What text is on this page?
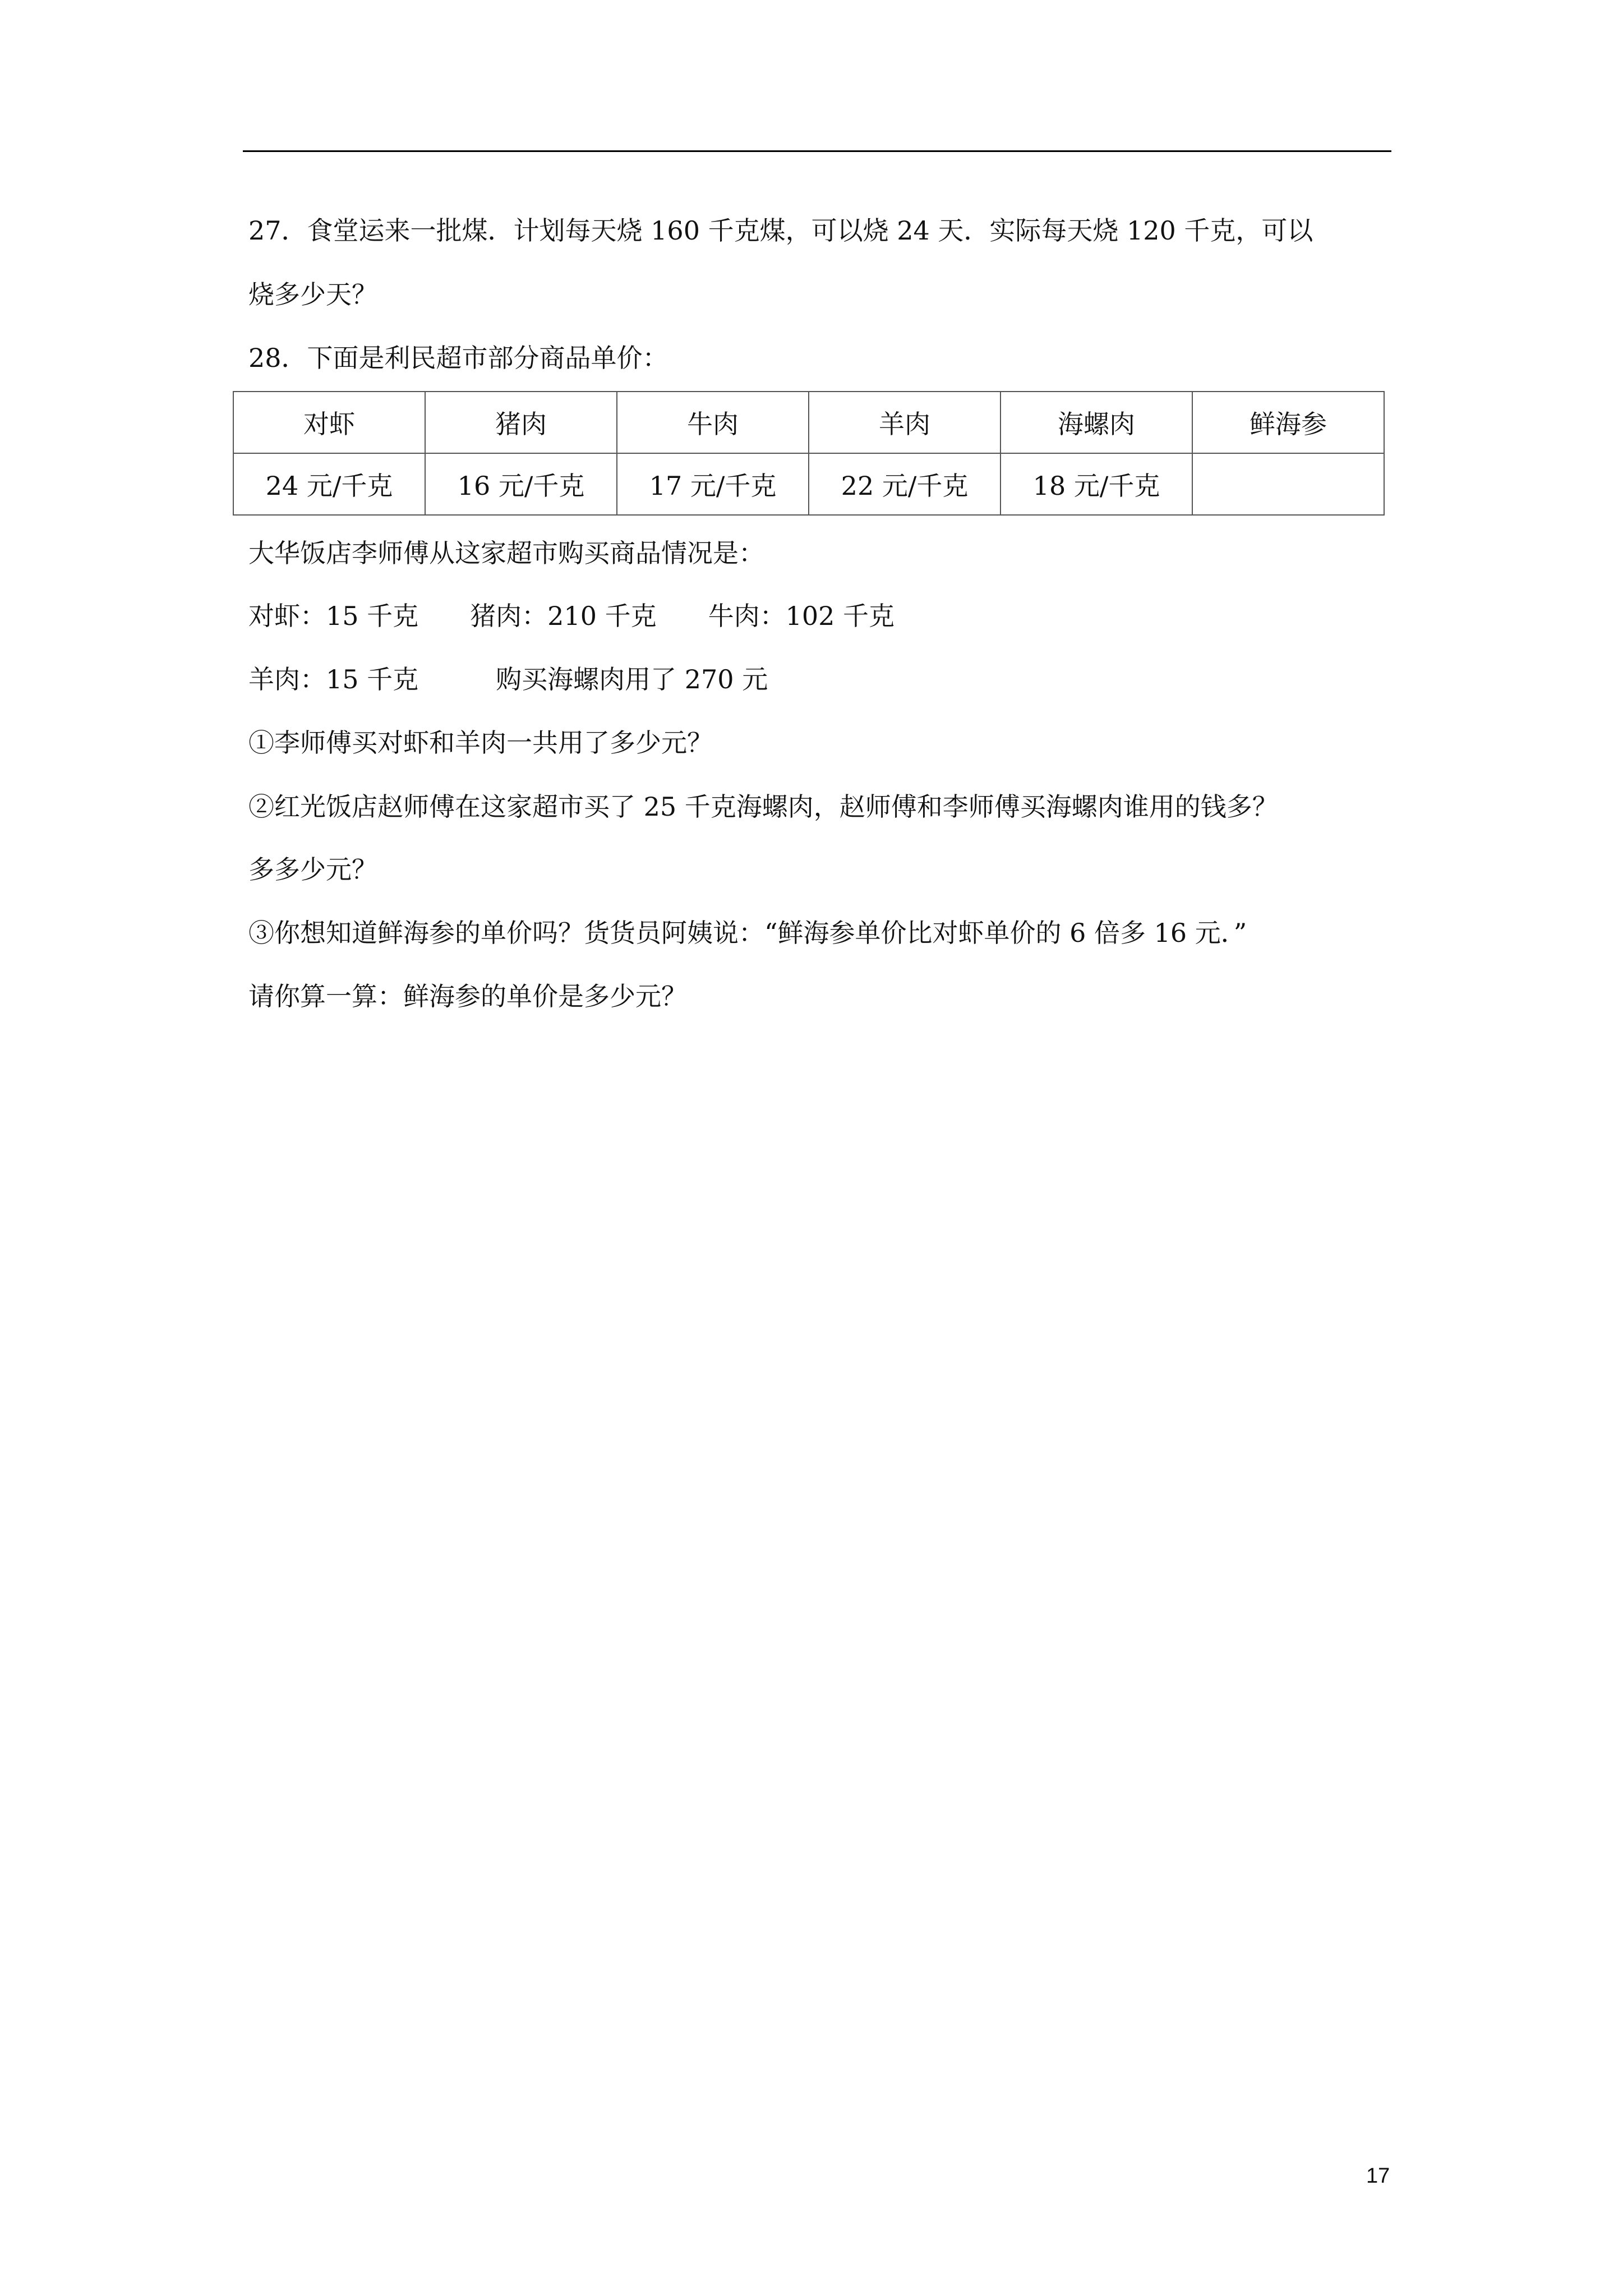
27．食堂运来一批煤．计划每天烧 160 千克煤，可以烧 24 天．实际每天烧 120 千克，可以
烧多少天？
28．下面是利民超市部分商品单价：
对虾	猪肉	牛肉	羊肉	海螺肉	鲜海参
24 元/千克	16 元/千克	17 元/千克	22 元/千克	18 元/千克	
大华饭店李师傅从这家超市购买商品情况是：
对虾：15 千克　　猪肉：210 千克　　牛肉：102 千克
羊肉：15 千克　　　购买海螺肉用了 270 元
①李师傅买对虾和羊肉一共用了多少元？
②红光饭店赵师傅在这家超市买了 25 千克海螺肉，赵师傅和李师傅买海螺肉谁用的钱多？
多多少元？
③你想知道鲜海参的单价吗？货货员阿姨说：“鲜海参单价比对虾单价的 6 倍多 16 元．”
请你算一算：鲜海参的单价是多少元？
17
